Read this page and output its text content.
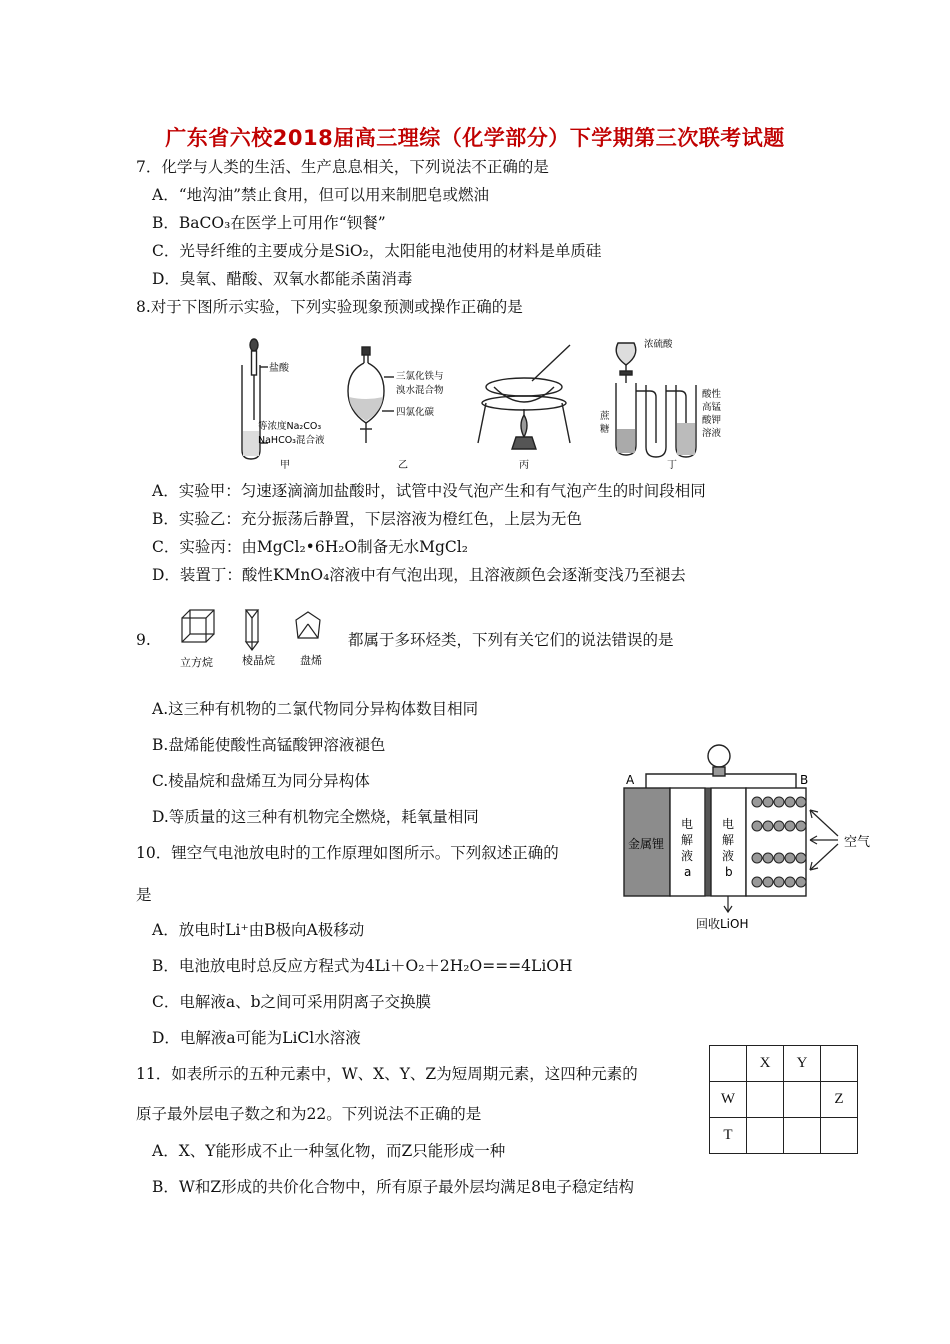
广东省六校2018届高三理综（化学部分）下学期第三次联考试题
7．化学与人类的生活、生产息息相关，下列说法不正确的是
A．“地沟油”禁止食用，但可以用来制肥皂或燃油
B．BaCO₃在医学上可用作“钡餐”
C．光导纤维的主要成分是SiO₂，太阳能电池使用的材料是单质硅
D．臭氧、醋酸、双氧水都能杀菌消毒
8.对于下图所示实验，下列实验现象预测或操作正确的是
盐酸
等浓度Na₂CO₃
NaHCO₃混合液
甲
三氯化铁与
溴水混合物
四氯化碳
乙	丙
浓硫酸
蔗
糖
酸性
高锰
酸钾
溶液
丁
A．实验甲：匀速逐滴滴加盐酸时，试管中没气泡产生和有气泡产生的时间段相同
B．实验乙：充分振荡后静置，下层溶液为橙红色，上层为无色
C．实验丙：由MgCl₂•6H₂O制备无水MgCl₂
D．装置丁：酸性KMnO₄溶液中有气泡出现，且溶液颜色会逐渐变浅乃至褪去
9.
立方烷	棱晶烷 盘烯
都属于多环烃类，下列有关它们的说法错误的是
A.这三种有机物的二氯代物同分异构体数目相同
B.盘烯能使酸性高锰酸钾溶液褪色
C.棱晶烷和盘烯互为同分异构体
D.等质量的这三种有机物完全燃烧，耗氧量相同
A	B
金属锂
电
解
液
a
电
解
液
b
空气
回收LiOH
10．锂空气电池放电时的工作原理如图所示。下列叙述正确的
是
A．放电时Li⁺由B极向A极移动
B．电池放电时总反应方程式为4Li＋O₂＋2H₂O===4LiOH
C．电解液a、b之间可采用阴离子交换膜
D．电解液a可能为LiCl水溶液
11．如表所示的五种元素中，W、X、Y、Z为短周期元素，这四种元素的
原子最外层电子数之和为22。下列说法不正确的是
A．X、Y能形成不止一种氢化物，而Z只能形成一种
B．W和Z形成的共价化合物中，所有原子最外层均满足8电子稳定结构
	X	Y	
W			Z
T			
